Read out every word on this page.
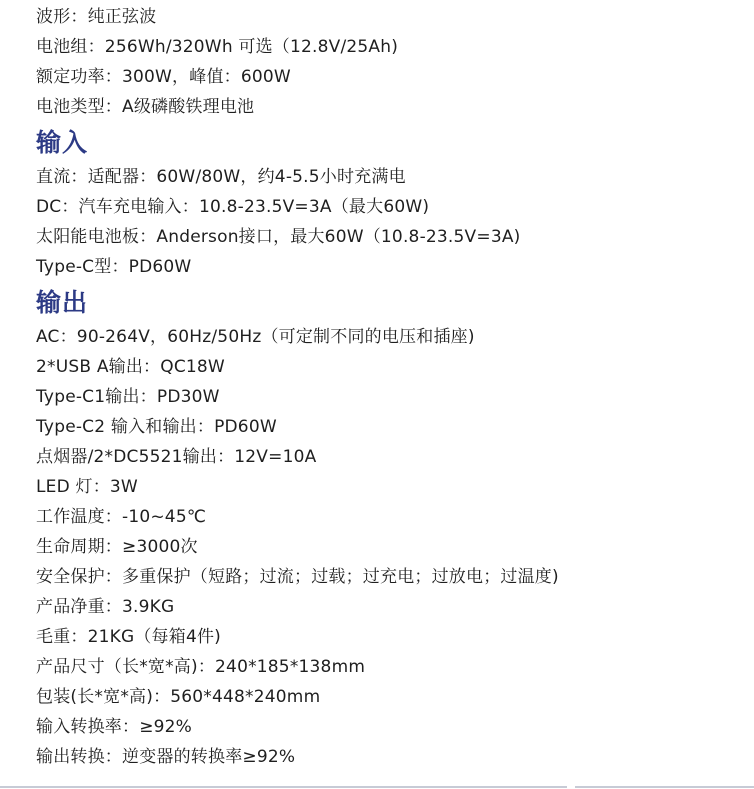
波形：纯正弦波
电池组：256Wh/320Wh 可选（12.8V/25Ah)
额定功率：300W，峰值：600W
电池类型：A级磷酸铁理电池
输入
直流：适配器：60W/80W，约4-5.5小时充满电
DC：汽车充电输入：10.8-23.5V=3A（最大60W)
太阳能电池板：Anderson接口，最大60W（10.8-23.5V=3A)
Type-C型：PD60W
输出
AC：90-264V，60Hz/50Hz（可定制不同的电压和插座)
2*USB A输出：QC18W
Type-C1输出：PD30W
Type-C2 输入和输出：PD60W
点烟器/2*DC5521输出：12V=10A
LED 灯：3W
工作温度：-10~45℃
生命周期：≥3000次
安全保护：多重保护（短路；过流；过载；过充电；过放电；过温度)
产品净重：3.9KG
毛重：21KG（每箱4件)
产品尺寸（长*宽*高)：240*185*138mm
包装(长*宽*高)：560*448*240mm
输入转换率：≥92%
输出转换：逆变器的转换率≥92%
